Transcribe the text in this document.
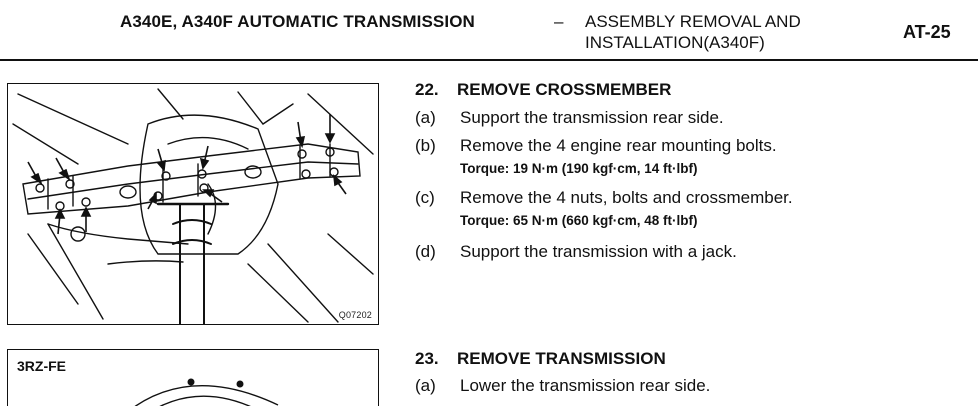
A340E, A340F AUTOMATIC TRANSMISSION	– ASSEMBLY REMOVAL AND
INSTALLATION(A340F)
AT-25
Q07202
3RZ-FE
22. REMOVE CROSSMEMBER
(a) Support the transmission rear side.
(b) Remove the 4 engine rear mounting bolts.
Torque: 19 N·m (190 kgf·cm, 14 ft·lbf)
(c) Remove the 4 nuts, bolts and crossmember.
Torque: 65 N·m (660 kgf·cm, 48 ft·lbf)
(d) Support the transmission with a jack.
23. REMOVE TRANSMISSION
(a) Lower the transmission rear side.
